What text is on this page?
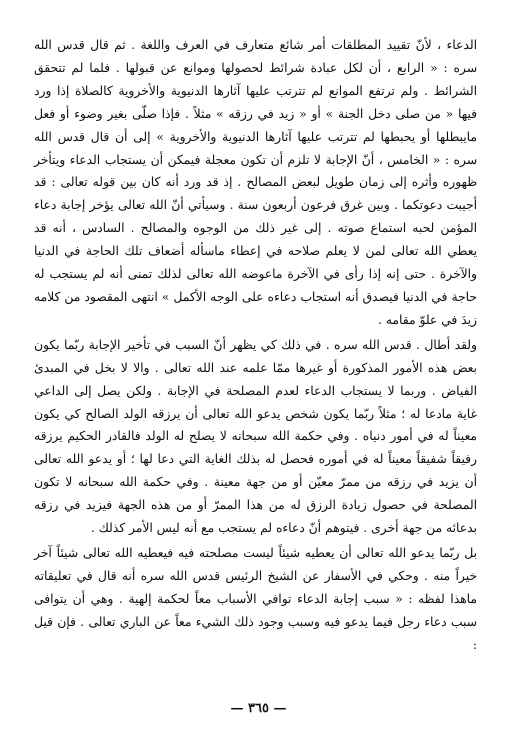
الدعاء ، لأنّ تقييد المطلقات أمر شائع متعارف في العرف واللغة . ثم قال قدس الله سره : « الرابع ، أن لكل عبادة شرائط لحصولها وموانع عن قبولها . فلما لم تتحقق الشرائط . ولم ترتفع الموانع لم تترتب عليها آثارها الدنيوية والأخروية كالصلاة إذا ورد فيها « من صلى دخل الجنة » أو « زيد في رزقه » مثلاً . فإذا صلّى بغير وضوء أو فعل مايبطلها أو يحبطها لم تترتب عليها آثارها الدنيوية والأخروية » إلى أن قال قدس الله سره : « الخامس ، أنّ الإجابة لا تلزم أن تكون معجلة فيمكن أن يستجاب الدعاء ويتأخر ظهوره وأثره إلى زمان طويل لبعض المصالح . إذ قد ورد أنه كان بين قوله تعالى : قد أجيبت دعوتكما . وبين غرق فرعون أربعون سنة . وسيأتي أنّ الله تعالى يؤخر إجابة دعاء المؤمن لحبه استماع صوته . إلى غير ذلك من الوجوه والمصالح . السادس ، أنه قد يعطي الله تعالى لمن لا يعلم صلاحه في إعطاء ماسأله أضعاف تلك الحاجة في الدنيا والآخرة . حتى إنه إذا رأى في الآخرة ماعوضه الله تعالى لذلك تمنى أنه لم يستجب له حاجة في الدنيا فيصدق أنه استجاب دعاءه على الوجه الأكمل » انتهى المقصود من كلامه زيدَ في علوّ مقامه .

ولقد أطال . قدس الله سره . في ذلك كي يظهر أنّ السبب في تأخير الإجابة ربّما يكون بعض هذه الأمور المذكورة أو غيرها ممّا علمه عند الله تعالى . والا لا بخل في المبدئ الفياض . وربما لا يستجاب الدعاء لعدم المصلحة في الإجابة . ولكن يصل إلى الداعي غاية مادعا له ؛ مثلاً ربّما يكون شخص يدعو الله تعالى أن يرزقه الولد الصالح كي يكون معيناً له في أمور دنياه . وفي حكمة الله سبحانه لا يصلح له الولد فالقادر الحكيم يرزقه رفيقاً شفيقاً معيناً له في أموره فحصل له بذلك الغاية التي دعا لها ؛ أو يدعو الله تعالى أن يزيد في رزقه من ممرّ معيّن أو من جهة معينة . وفي حكمة الله سبحانه لا تكون المصلحة في حصول زيادة الرزق له من هذا الممرّ أو من هذه الجهة فيزيد في رزقه بدعائه من جهة أخرى . فيتوهم أنّ دعاءه لم يستجب مع أنه ليس الأمر كذلك .

بل ربّما يدعو الله تعالى أن يعطيه شيئاً ليست مصلحته فيه فيعطيه الله تعالى شيئاً آخر خيراً منه . وحكي في الأسفار عن الشيخ الرئيس قدس الله سره أنه قال في تعليقاته ماهذا لفظه : « سبب إجابة الدعاء توافي الأسباب معاً لحكمة إلهية . وهي أن يتوافى سبب دعاء رجل فيما يدعو فيه وسبب وجود ذلك الشيء معاً عن الباري تعالى . فإن قيل :

— ٣٦٥ —
